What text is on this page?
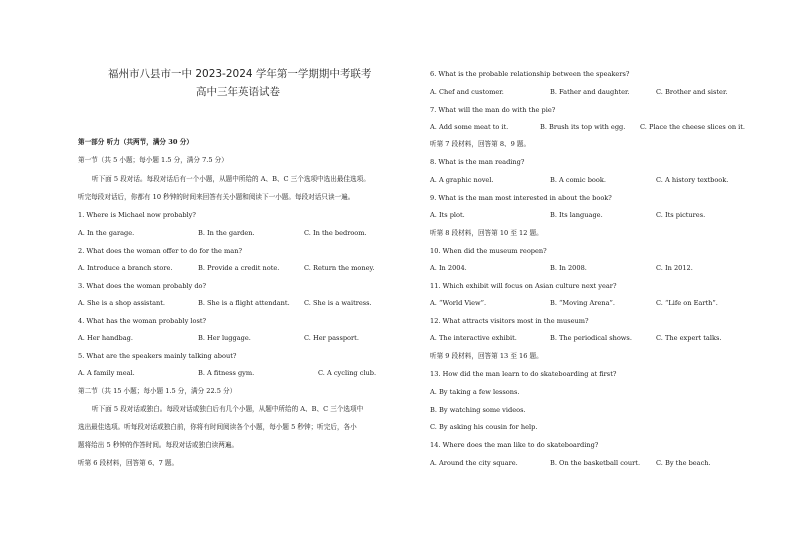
福州市八县市一中 2023-2024 学年第一学期期中考联考
高中三年英语试卷
第一部分 听力（共两节，满分 30 分）
第一节（共 5 小题；每小题 1.5 分，满分 7.5 分）
听下面 5 段对话。每段对话后有一个小题，从题中所给的 A、B、C 三个选项中选出最佳选项。
听完每段对话后，你都有 10 秒钟的时间来回答有关小题和阅读下一小题。每段对话只读一遍。
1. Where is Michael now probably?
A. In the garage.	B. In the garden.	C. In the bedroom.
2. What does the woman offer to do for the man?
A. Introduce a branch store.	B. Provide a credit note.	C. Return the money.
3. What does the woman probably do?
A. She is a shop assistant.	B. She is a flight attendant. C. She is a waitress.
4. What has the woman probably lost?
A. Her handbag.	B. Her luggage.	C. Her passport.
5. What are the speakers mainly talking about?
A. A family meal.	B. A fitness gym.	C. A cycling club.
第二节（共 15 小题；每小题 1.5 分，满分 22.5 分）
听下面 5 段对话或独白。每段对话或独白后有几个小题，从题中所给的 A、B、C 三个选项中
选出最佳选项。听每段对话或独白前，你将有时间阅读各个小题，每小题 5 秒钟；听完后，各小
题将给出 5 秒钟的作答时间。每段对话或独白读两遍。
听第 6 段材料，回答第 6、7 题。
6. What is the probable relationship between the speakers?
A. Chef and customer.	B. Father and daughter.	C. Brother and sister.
7. What will the man do with the pie?
A. Add some meat to it.	B. Brush its top with egg. C. Place the cheese slices on it.
听第 7 段材料，回答第 8、9 题。
8. What is the man reading?
A. A graphic novel.	B. A comic book.	C. A history textbook.
9. What is the man most interested in about the book?
A. Its plot.	B. Its language.	C. Its pictures.
听第 8 段材料，回答第 10 至 12 题。
10. When did the museum reopen?
A. In 2004.	B. In 2008.	C. In 2012.
11. Which exhibit will focus on Asian culture next year?
A. “World View”.	B. “Moving Arena”.	C. “Life on Earth”.
12. What attracts visitors most in the museum?
A. The interactive exhibit.	B. The periodical shows.	C. The expert talks.
听第 9 段材料，回答第 13 至 16 题。
13. How did the man learn to do skateboarding at first?
A. By taking a few lessons.
B. By watching some videos.
C. By asking his cousin for help.
14. Where does the man like to do skateboarding?
A. Around the city square.	B. On the basketball court. C. By the beach.
